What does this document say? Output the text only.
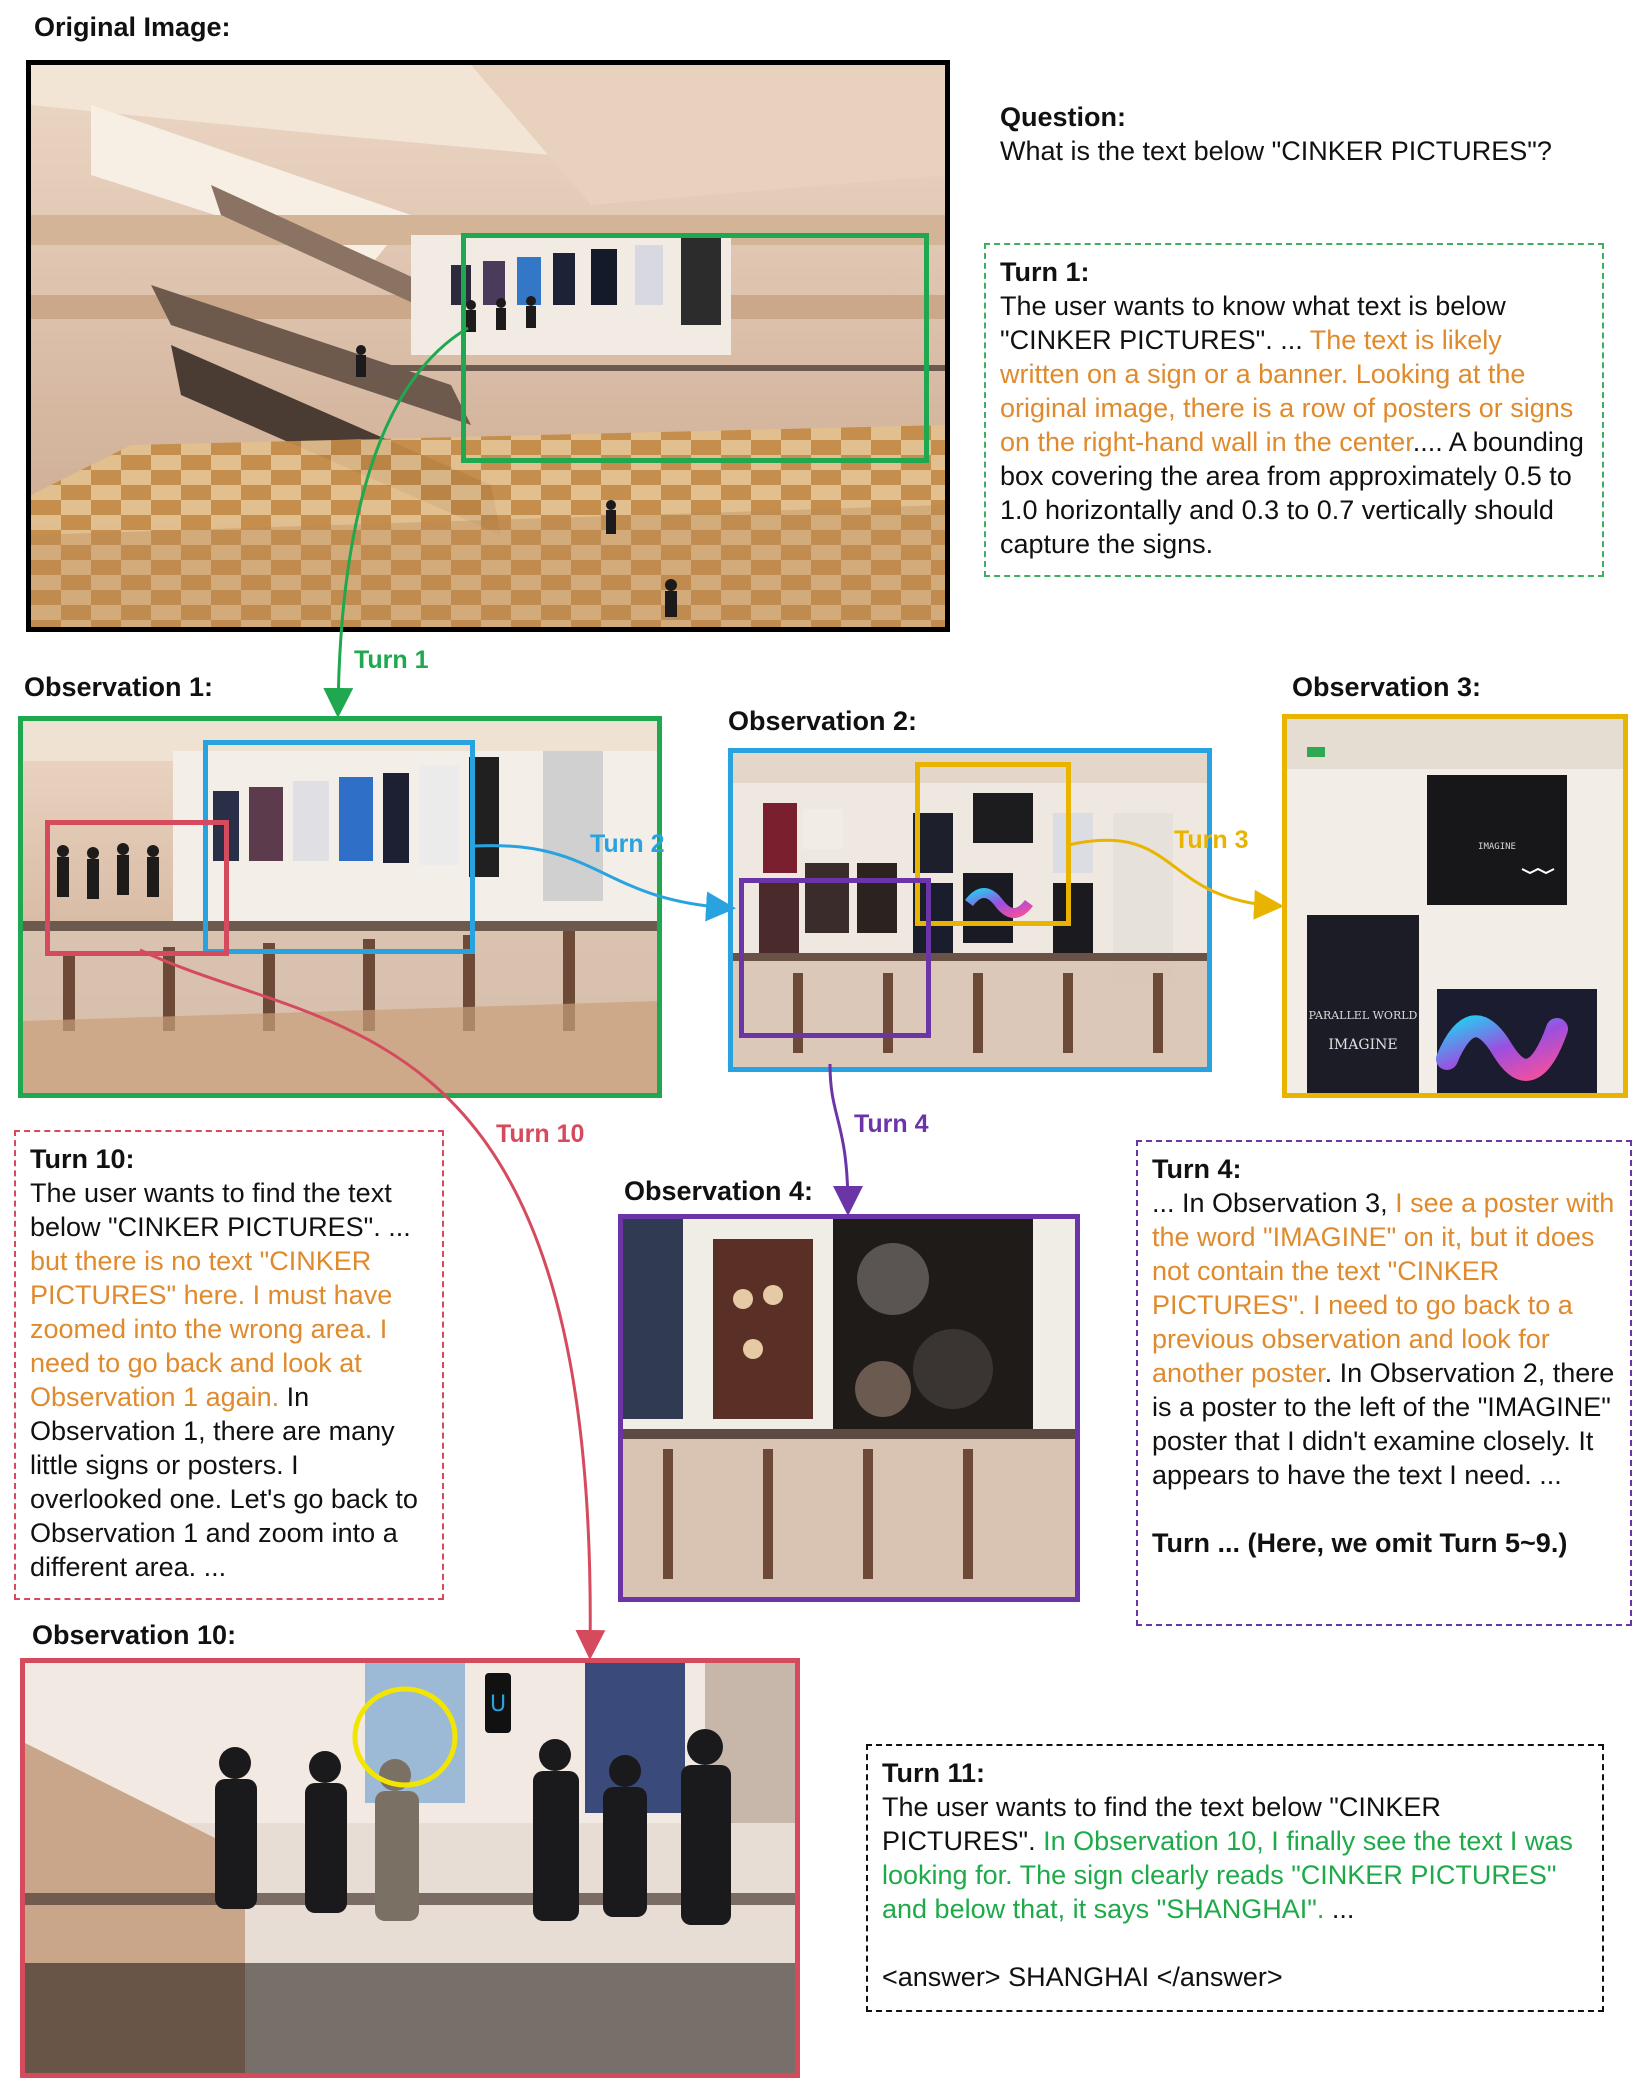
Original Image:
Observation 1:
Observation 2:
Observation 3:
Observation 4:
Observation 10:
Question:
What is the text below "CINKER PICTURES"?
IMAGINE
PARALLEL WORLD
IMAGINE
U
Turn 1:
The user wants to know what text is below "CINKER PICTURES". ... The text is likely written on a sign or a banner. Looking at the original image, there is a row of posters or signs on the right-hand wall in the center.... A bounding box covering the area from approximately 0.5 to 1.0 horizontally and 0.3 to 0.7 vertically should capture the signs.
Turn 10:
The user wants to find the text below "CINKER PICTURES". ... but there is no text "CINKER PICTURES" here. I must have zoomed into the wrong area. I need to go back and look at Observation 1 again. In Observation 1, there are many little signs or posters. I overlooked one. Let's go back to Observation 1 and zoom into a different area. ...
Turn 4:
... In Observation 3, I see a poster with the word "IMAGINE" on it, but it does not contain the text "CINKER PICTURES". I need to go back to a previous observation and look for another poster. In Observation 2, there is a poster to the left of the "IMAGINE" poster that I didn't examine closely. It appears to have the text I need. ...
Turn ... (Here, we omit Turn 5~9.)
Turn 11:
The user wants to find the text below "CINKER PICTURES". In Observation 10, I finally see the text I was looking for. The sign clearly reads "CINKER PICTURES" and below that, it says "SHANGHAI". ...
<answer> SHANGHAI </answer>
Turn 1
Turn 2	Turn 3
Turn 4
Turn 10
